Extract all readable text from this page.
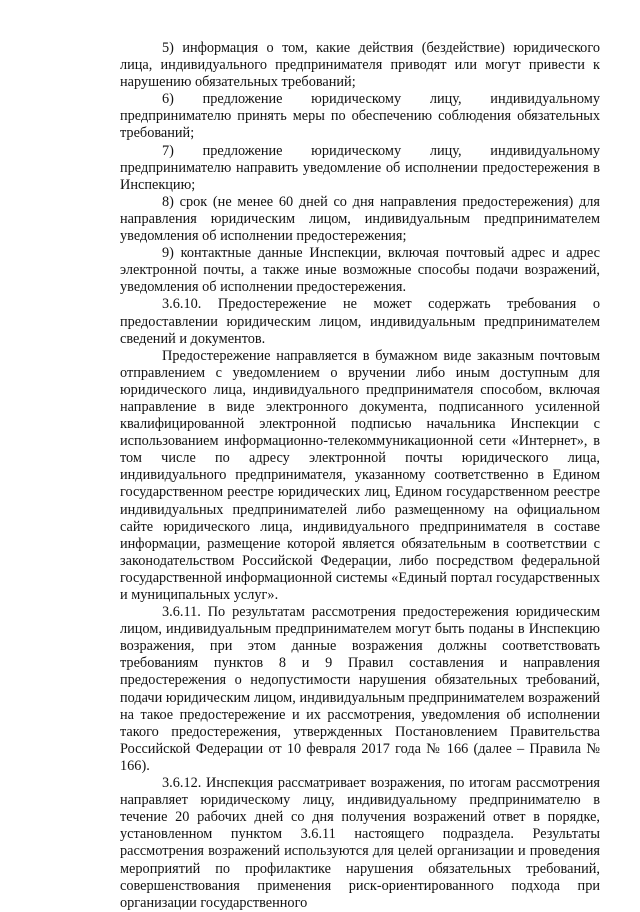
5) информация о том, какие действия (бездействие) юридического лица, индивидуального предпринимателя приводят или могут привести к нарушению обязательных требований;

6) предложение юридическому лицу, индивидуальному предпринимателю принять меры по обеспечению соблюдения обязательных требований;

7) предложение юридическому лицу, индивидуальному предпринимателю направить уведомление об исполнении предостережения в Инспекцию;

8) срок (не менее 60 дней со дня направления предостережения) для направления юридическим лицом, индивидуальным предпринимателем уведомления об исполнении предостережения;

9) контактные данные Инспекции, включая почтовый адрес и адрес электронной почты, а также иные возможные способы подачи возражений, уведомления об исполнении предостережения.

3.6.10. Предостережение не может содержать требования о предоставлении юридическим лицом, индивидуальным предпринимателем сведений и документов.

Предостережение направляется в бумажном виде заказным почтовым отправлением с уведомлением о вручении либо иным доступным для юридического лица, индивидуального предпринимателя способом, включая направление в виде электронного документа, подписанного усиленной квалифицированной электронной подписью начальника Инспекции с использованием информационно-телекоммуникационной сети «Интернет», в том числе по адресу электронной почты юридического лица, индивидуального предпринимателя, указанному соответственно в Едином государственном реестре юридических лиц, Едином государственном реестре индивидуальных предпринимателей либо размещенному на официальном сайте юридического лица, индивидуального предпринимателя в составе информации, размещение которой является обязательным в соответствии с законодательством Российской Федерации, либо посредством федеральной государственной информационной системы «Единый портал государственных и муниципальных услуг».

3.6.11. По результатам рассмотрения предостережения юридическим лицом, индивидуальным предпринимателем могут быть поданы в Инспекцию возражения, при этом данные возражения должны соответствовать требованиям пунктов 8 и 9 Правил составления и направления предостережения о недопустимости нарушения обязательных требований, подачи юридическим лицом, индивидуальным предпринимателем возражений на такое предостережение и их рассмотрения, уведомления об исполнении такого предостережения, утвержденных Постановлением Правительства Российской Федерации от 10 февраля 2017 года № 166 (далее – Правила № 166).

3.6.12. Инспекция рассматривает возражения, по итогам рассмотрения направляет юридическому лицу, индивидуальному предпринимателю в течение 20 рабочих дней со дня получения возражений ответ в порядке, установленном пунктом 3.6.11 настоящего подраздела. Результаты рассмотрения возражений используются для целей организации и проведения мероприятий по профилактике нарушения обязательных требований, совершенствования применения риск-ориентированного подхода при организации государственного
